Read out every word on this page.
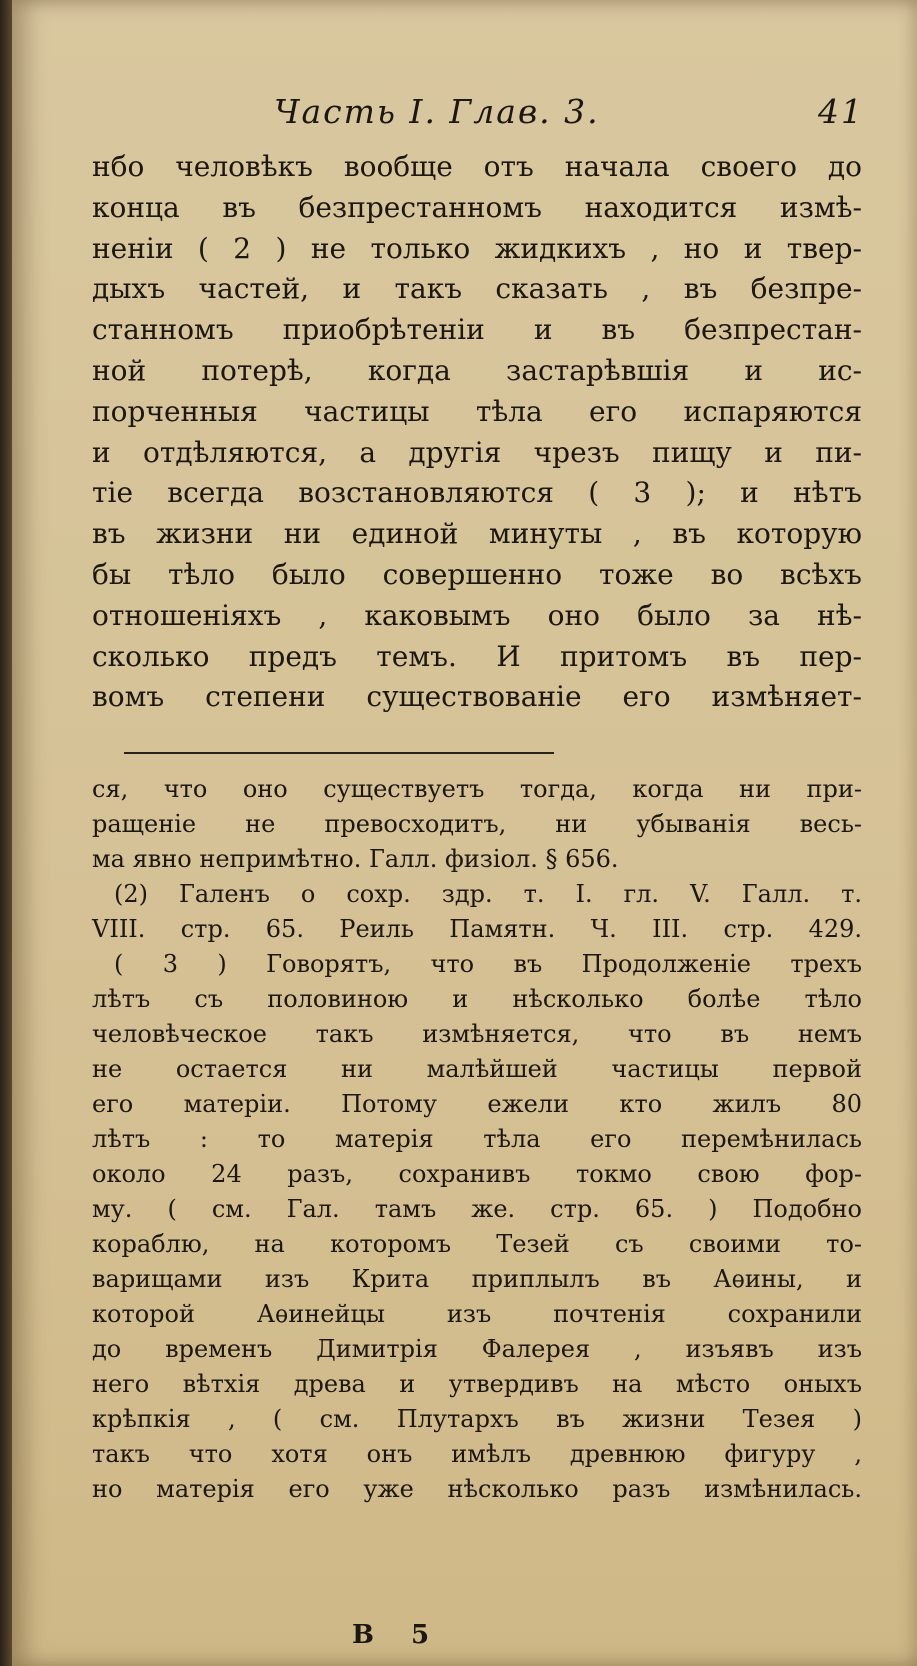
Часть I. Глав. 3.	41
нбо человѣкъ вообще отъ начала своего до
конца въ безпрестанномъ находится измѣ-
неніи ( 2 ) не только жидкихъ , но и твер-
дыхъ частей, и такъ сказать , въ безпре-
станномъ приобрѣтеніи и въ безпрестан-
ной потерѣ, когда застарѣвшія и ис-
порченныя частицы тѣла его испаряются
и отдѣляются, а другія чрезъ пищу и пи-
тіе всегда возстановляются ( 3 ); и нѣтъ
въ жизни ни единой минуты , въ которую
бы тѣло было совершенно тоже во всѣхъ
отношеніяхъ , каковымъ оно было за нѣ-
сколько предъ темъ. И притомъ въ пер-
вомъ степени существованіе его измѣняет-
ся, что оно существуетъ тогда, когда ни при-
ращеніе не превосходитъ, ни убыванія весь-
ма явно непримѣтно. Галл. физіол. § 656.
(2) Галенъ о сохр. здр. т. I. гл. V. Галл. т.
VIII. стр. 65. Реиль Памятн. Ч. III. стр. 429.
( 3 ) Говорятъ, что въ Продолженіе трехъ
лѣтъ съ половиною и нѣсколько болѣе тѣло
человѣческое такъ измѣняется, что въ немъ
не остается ни малѣйшей частицы первой
его матеріи. Потому ежели кто жилъ 80
лѣтъ : то матерія тѣла его перемѣнилась
около 24 разъ, сохранивъ токмо свою фор-
му. ( см. Гал. тамъ же. стр. 65. ) Подобно
кораблю, на которомъ Тезей съ своими то-
варищами изъ Крита приплылъ въ Аѳины, и
которой Аѳинейцы изъ почтенія сохранили
до временъ Димитрія Фалерея , изъявъ изъ
него вѣтхія древа и утвердивъ на мѣсто оныхъ
крѣпкія , ( см. Плутархъ въ жизни Тезея )
такъ что хотя онъ имѣлъ древнюю фигуру ,
но матерія его уже нѣсколько разъ измѣнилась.
В 5
